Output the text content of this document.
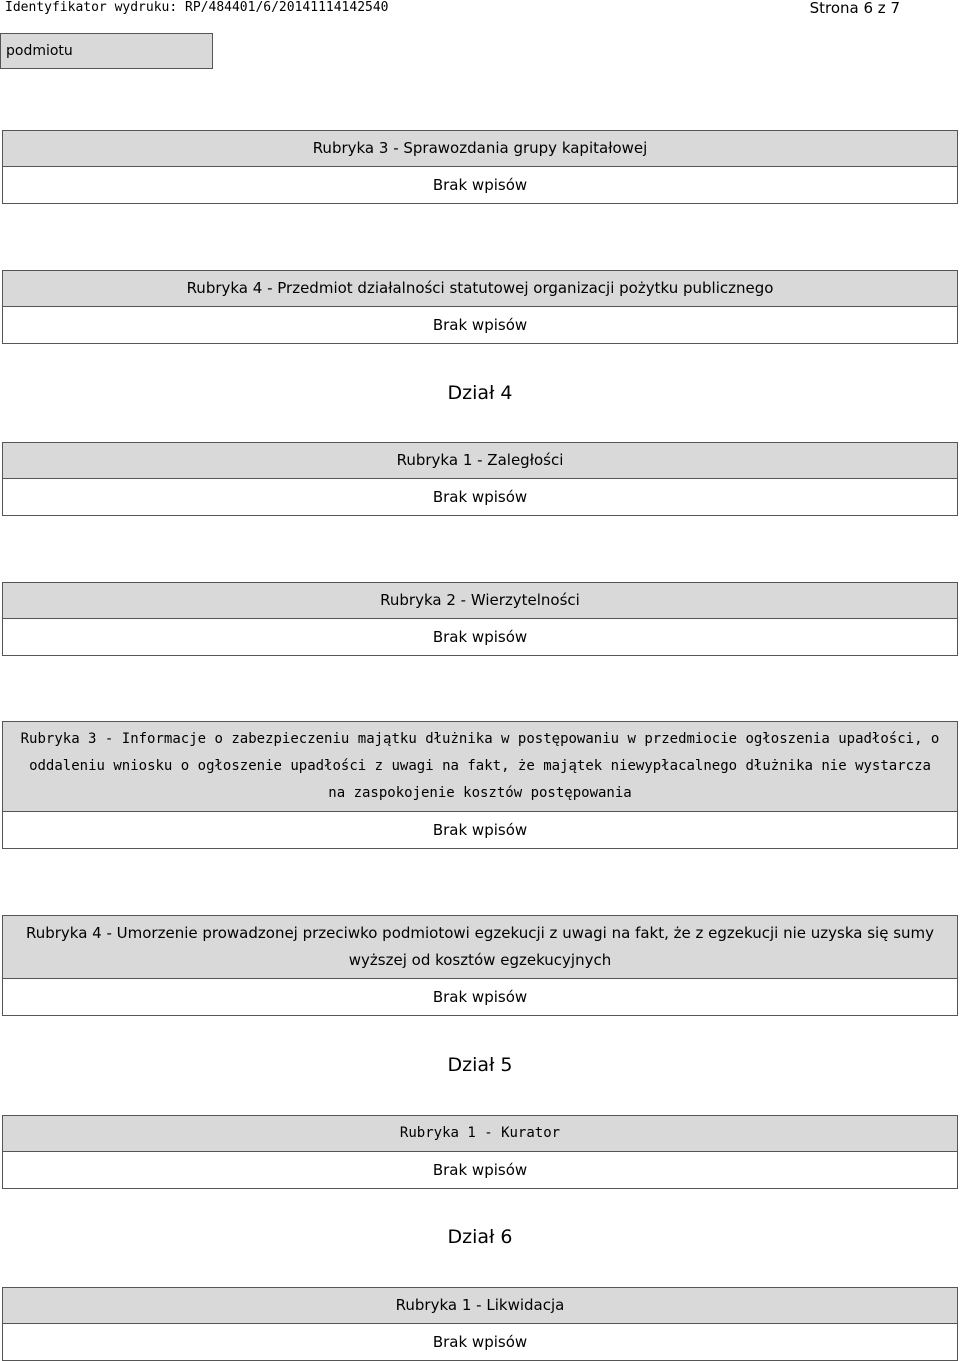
Identyfikator wydruku: RP/484401/6/20141114142540	Strona 6 z 7
podmiotu
Rubryka 3 - Sprawozdania grupy kapitałowej
Brak wpisów
Rubryka 4 - Przedmiot działalności statutowej organizacji pożytku publicznego
Brak wpisów
Dział 4
Rubryka 1 - Zaległości
Brak wpisów
Rubryka 2 - Wierzytelności
Brak wpisów
Rubryka 3 - Informacje o zabezpieczeniu majątku dłużnika w postępowaniu w przedmiocie ogłoszenia upadłości, o oddaleniu wniosku o ogłoszenie upadłości z uwagi na fakt, że majątek niewypłacalnego dłużnika nie wystarcza na zaspokojenie kosztów postępowania
Brak wpisów
Rubryka 4 - Umorzenie prowadzonej przeciwko podmiotowi egzekucji z uwagi na fakt, że z egzekucji nie uzyska się sumy wyższej od kosztów egzekucyjnych
Brak wpisów
Dział 5
Rubryka 1 - Kurator
Brak wpisów
Dział 6
Rubryka 1 - Likwidacja
Brak wpisów
